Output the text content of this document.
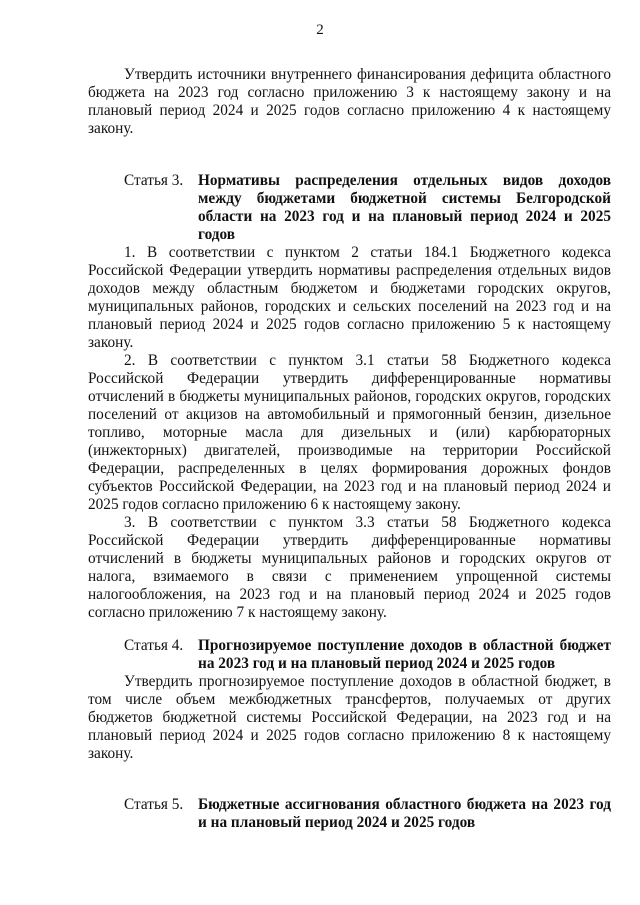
2

Утвердить источники внутреннего финансирования дефицита областного бюджета на 2023 год согласно приложению 3 к настоящему закону и на плановый период 2024 и 2025 годов согласно приложению 4 к настоящему закону.

Статья 3. Нормативы распределения отдельных видов доходов между бюджетами бюджетной системы Белгородской области на 2023 год и на плановый период 2024 и 2025 годов

1. В соответствии с пунктом 2 статьи 184.1 Бюджетного кодекса Российской Федерации утвердить нормативы распределения отдельных видов доходов между областным бюджетом и бюджетами городских округов, муниципальных районов, городских и сельских поселений на 2023 год и на плановый период 2024 и 2025 годов согласно приложению 5 к настоящему закону.

2. В соответствии с пунктом 3.1 статьи 58 Бюджетного кодекса Российской Федерации утвердить дифференцированные нормативы отчислений в бюджеты муниципальных районов, городских округов, городских поселений от акцизов на автомобильный и прямогонный бензин, дизельное топливо, моторные масла для дизельных и (или) карбюраторных (инжекторных) двигателей, производимые на территории Российской Федерации, распределенных в целях формирования дорожных фондов субъектов Российской Федерации, на 2023 год и на плановый период 2024 и 2025 годов согласно приложению 6 к настоящему закону.

3. В соответствии с пунктом 3.3 статьи 58 Бюджетного кодекса Российской Федерации утвердить дифференцированные нормативы отчислений в бюджеты муниципальных районов и городских округов от налога, взимаемого в связи с применением упрощенной системы налогообложения, на 2023 год и на плановый период 2024 и 2025 годов согласно приложению 7 к настоящему закону.

Статья 4. Прогнозируемое поступление доходов в областной бюджет на 2023 год и на плановый период 2024 и 2025 годов

Утвердить прогнозируемое поступление доходов в областной бюджет, в том числе объем межбюджетных трансфертов, получаемых от других бюджетов бюджетной системы Российской Федерации, на 2023 год и на плановый период 2024 и 2025 годов согласно приложению 8 к настоящему закону.

Статья 5. Бюджетные ассигнования областного бюджета на 2023 год и на плановый период 2024 и 2025 годов
